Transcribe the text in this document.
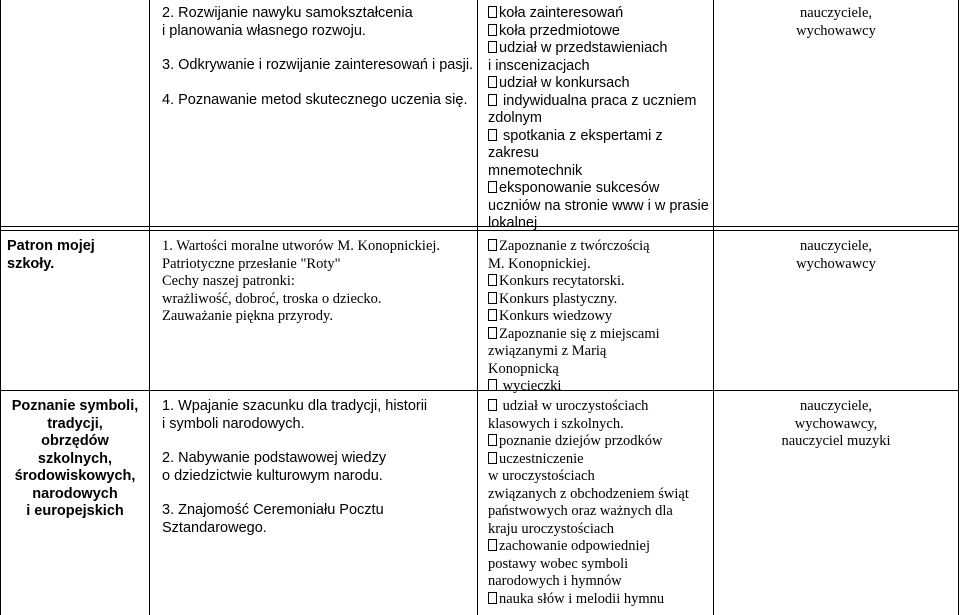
2. Rozwijanie nawyku samokształcenia

i planowania własnego rozwoju.

3. Odkrywanie i rozwijanie zainteresowań i pasji.

4. Poznawanie metod skutecznego uczenia się.

koła zainteresowań

koła przedmiotowe

udział w przedstawieniach

i inscenizacjach

udział w konkursach

indywidualna praca z uczniem

zdolnym

spotkania z ekspertami z zakresu

mnemotechnik

eksponowanie sukcesów

uczniów na stronie www i w prasie

lokalnej

nauczyciele,

wychowawcy

Patron mojej

szkoły.

1. Wartości moralne utworów M. Konopnickiej.

Patriotyczne przesłanie "Roty"

Cechy naszej patronki:

wrażliwość, dobroć, troska o dziecko.

Zauważanie piękna przyrody.

Zapoznanie z twórczością

M. Konopnickiej.

Konkurs recytatorski.

Konkurs plastyczny.

Konkurs wiedzowy

Zapoznanie się z miejscami

związanymi z Marią

Konopnicką

wycieczki

nauczyciele,

wychowawcy

Poznanie symboli,

tradycji,

obrzędów

szkolnych,

środowiskowych,

narodowych

i europejskich

1. Wpajanie szacunku dla tradycji, historii

i symboli narodowych.

2. Nabywanie podstawowej wiedzy

o dziedzictwie kulturowym narodu.

3. Znajomość Ceremoniału Pocztu

Sztandarowego.

udział w uroczystościach

klasowych i szkolnych.

poznanie dziejów przodków

uczestniczenie

w uroczystościach

związanych z obchodzeniem świąt

państwowych oraz ważnych dla

kraju uroczystościach

zachowanie odpowiedniej

postawy wobec symboli

narodowych i hymnów

nauka słów i melodii hymnu

nauczyciele,

wychowawcy,

nauczyciel muzyki
